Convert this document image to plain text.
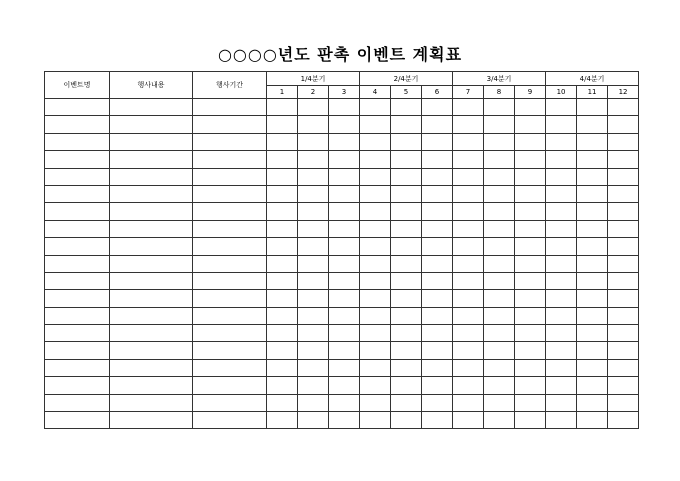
○○○○년도 판촉 이벤트 계획표
이벤트명	행사내용	행사기간	1/4분기			2/4분기			3/4분기			4/4분기		
			1	2	3	4	5	6	7	8	9	10	11	12
